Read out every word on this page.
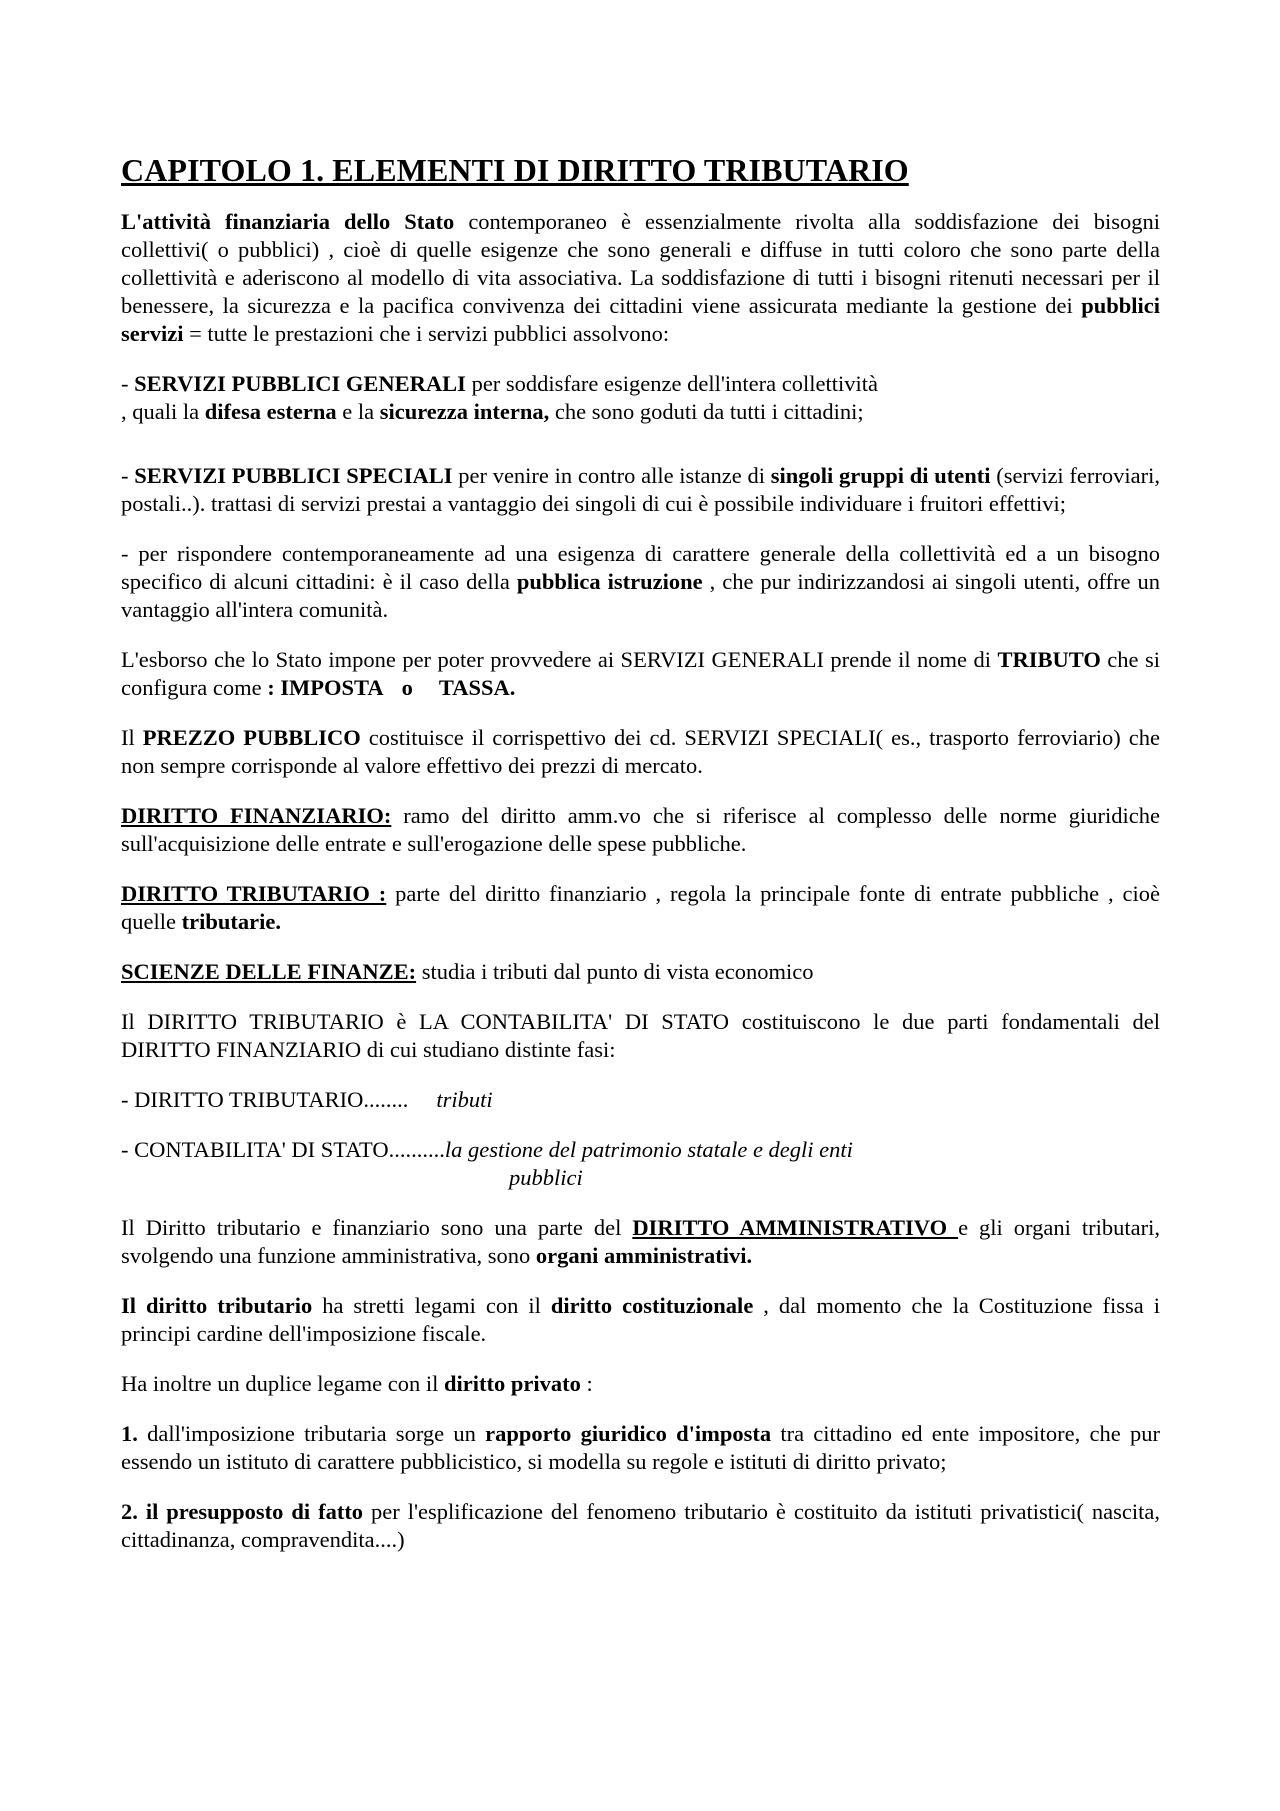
CAPITOLO 1. ELEMENTI DI DIRITTO TRIBUTARIO

L'attività finanziaria dello Stato contemporaneo è essenzialmente rivolta alla soddisfazione dei bisogni collettivi( o pubblici) , cioè di quelle esigenze che sono generali e diffuse in tutti coloro che sono parte della collettività e aderiscono al modello di vita associativa. La soddisfazione di tutti i bisogni ritenuti necessari per il benessere, la sicurezza e la pacifica convivenza dei cittadini viene assicurata mediante la gestione dei pubblici servizi = tutte le prestazioni che i servizi pubblici assolvono:

- SERVIZI PUBBLICI GENERALI per soddisfare esigenze dell'intera collettività
, quali la difesa esterna e la sicurezza interna, che sono goduti da tutti i cittadini;

- SERVIZI PUBBLICI SPECIALI per venire in contro alle istanze di singoli gruppi di utenti (servizi ferroviari, postali..). trattasi di servizi prestai a vantaggio dei singoli di cui è possibile individuare i fruitori effettivi;

- per rispondere contemporaneamente ad una esigenza di carattere generale della collettività ed a un bisogno specifico di alcuni cittadini: è il caso della pubblica istruzione , che pur indirizzandosi ai singoli utenti, offre un vantaggio all'intera comunità.

L'esborso che lo Stato impone per poter provvedere ai SERVIZI GENERALI prende il nome di TRIBUTO che si configura come : IMPOSTA o TASSA.

Il PREZZO PUBBLICO costituisce il corrispettivo dei cd. SERVIZI SPECIALI( es., trasporto ferroviario) che non sempre corrisponde al valore effettivo dei prezzi di mercato.

DIRITTO FINANZIARIO: ramo del diritto amm.vo che si riferisce al complesso delle norme giuridiche sull'acquisizione delle entrate e sull'erogazione delle spese pubbliche.

DIRITTO TRIBUTARIO : parte del diritto finanziario , regola la principale fonte di entrate pubbliche , cioè quelle tributarie.

SCIENZE DELLE FINANZE: studia i tributi dal punto di vista economico

Il DIRITTO TRIBUTARIO è LA CONTABILITA' DI STATO costituiscono le due parti fondamentali del DIRITTO FINANZIARIO di cui studiano distinte fasi:

- DIRITTO TRIBUTARIO........ tributi

- CONTABILITA' DI STATO..........la gestione del patrimonio statale e degli enti
pubblici

Il Diritto tributario e finanziario sono una parte del DIRITTO AMMINISTRATIVO e gli organi tributari, svolgendo una funzione amministrativa, sono organi amministrativi.

Il diritto tributario ha stretti legami con il diritto costituzionale , dal momento che la Costituzione fissa i principi cardine dell'imposizione fiscale.

Ha inoltre un duplice legame con il diritto privato :

1. dall'imposizione tributaria sorge un rapporto giuridico d'imposta tra cittadino ed ente impositore, che pur essendo un istituto di carattere pubblicistico, si modella su regole e istituti di diritto privato;

2. il presupposto di fatto per l'esplificazione del fenomeno tributario è costituito da istituti privatistici( nascita, cittadinanza, compravendita....)
